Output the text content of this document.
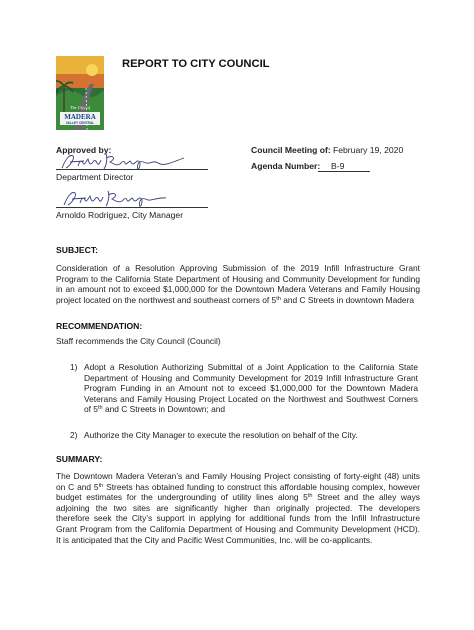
The City of
MADERA
VALLEY CENTRAL
REPORT TO CITY COUNCIL
Approved by:
Department Director
Arnoldo Rodriguez, City Manager
Council Meeting of: February 19, 2020
Agenda Number: B-9
SUBJECT:
Consideration of a Resolution Approving Submission of the 2019 Infill Infrastructure Grant
Program to the California State Department of Housing and Community Development for funding
in an amount not to exceed $1,000,000 for the Downtown Madera Veterans and Family Housing
project located on the northwest and southeast corners of 5th and C Streets in downtown Madera
RECOMMENDATION:
Staff recommends the City Council (Council)
1) Adopt a Resolution Authorizing Submittal of a Joint Application to the California State
Department of Housing and Community Development for 2019 Infill Infrastructure Grant
Program Funding in an Amount not to exceed $1,000,000 for the Downtown Madera
Veterans and Family Housing Project Located on the Northwest and Southwest Corners
of 5th and C Streets in Downtown; and
2) Authorize the City Manager to execute the resolution on behalf of the City.
SUMMARY:
The Downtown Madera Veteran’s and Family Housing Project consisting of forty-eight (48) units
on C and 5th Streets has obtained funding to construct this affordable housing complex, however
budget estimates for the undergrounding of utility lines along 5th Street and the alley ways
adjoining the two sites are significantly higher than originally projected. The developers
therefore seek the City’s support in applying for additional funds from the Infill Infrastructure
Grant Program from the California Department of Housing and Community Development (HCD).
It is anticipated that the City and Pacific West Communities, Inc. will be co-applicants.
